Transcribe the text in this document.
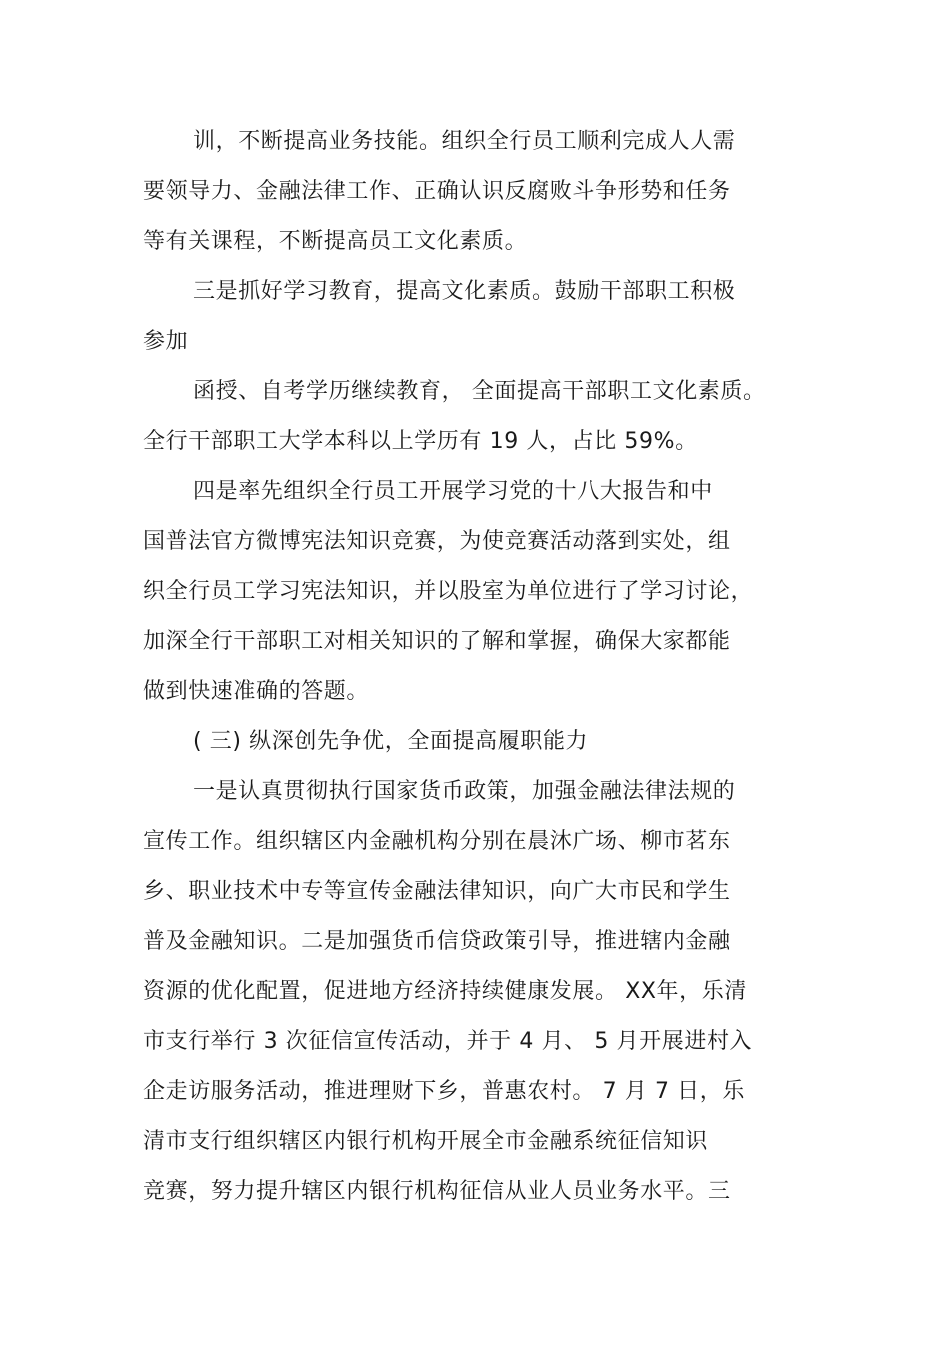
训，不断提高业务技能。组织全行员工顺利完成人人需

要领导力、金融法律工作、正确认识反腐败斗争形势和任务

等有关课程，不断提高员工文化素质。

三是抓好学习教育，提高文化素质。鼓励干部职工积极

参加

函授、自考学历继续教育， 全面提高干部职工文化素质。

全行干部职工大学本科以上学历有 19 人，占比 59%。

四是率先组织全行员工开展学习党的十八大报告和中

国普法官方微博宪法知识竞赛，为使竞赛活动落到实处，组

织全行员工学习宪法知识，并以股室为单位进行了学习讨论，

加深全行干部职工对相关知识的了解和掌握，确保大家都能

做到快速准确的答题。

( 三) 纵深创先争优，全面提高履职能力

一是认真贯彻执行国家货币政策，加强金融法律法规的

宣传工作。组织辖区内金融机构分别在晨沐广场、柳市茗东

乡、职业技术中专等宣传金融法律知识，向广大市民和学生

普及金融知识。二是加强货币信贷政策引导，推进辖内金融

资源的优化配置，促进地方经济持续健康发展。 XX年，乐清

市支行举行 3 次征信宣传活动，并于 4 月、 5 月开展进村入

企走访服务活动，推进理财下乡，普惠农村。 7 月 7 日，乐

清市支行组织辖区内银行机构开展全市金融系统征信知识

竞赛，努力提升辖区内银行机构征信从业人员业务水平。三
